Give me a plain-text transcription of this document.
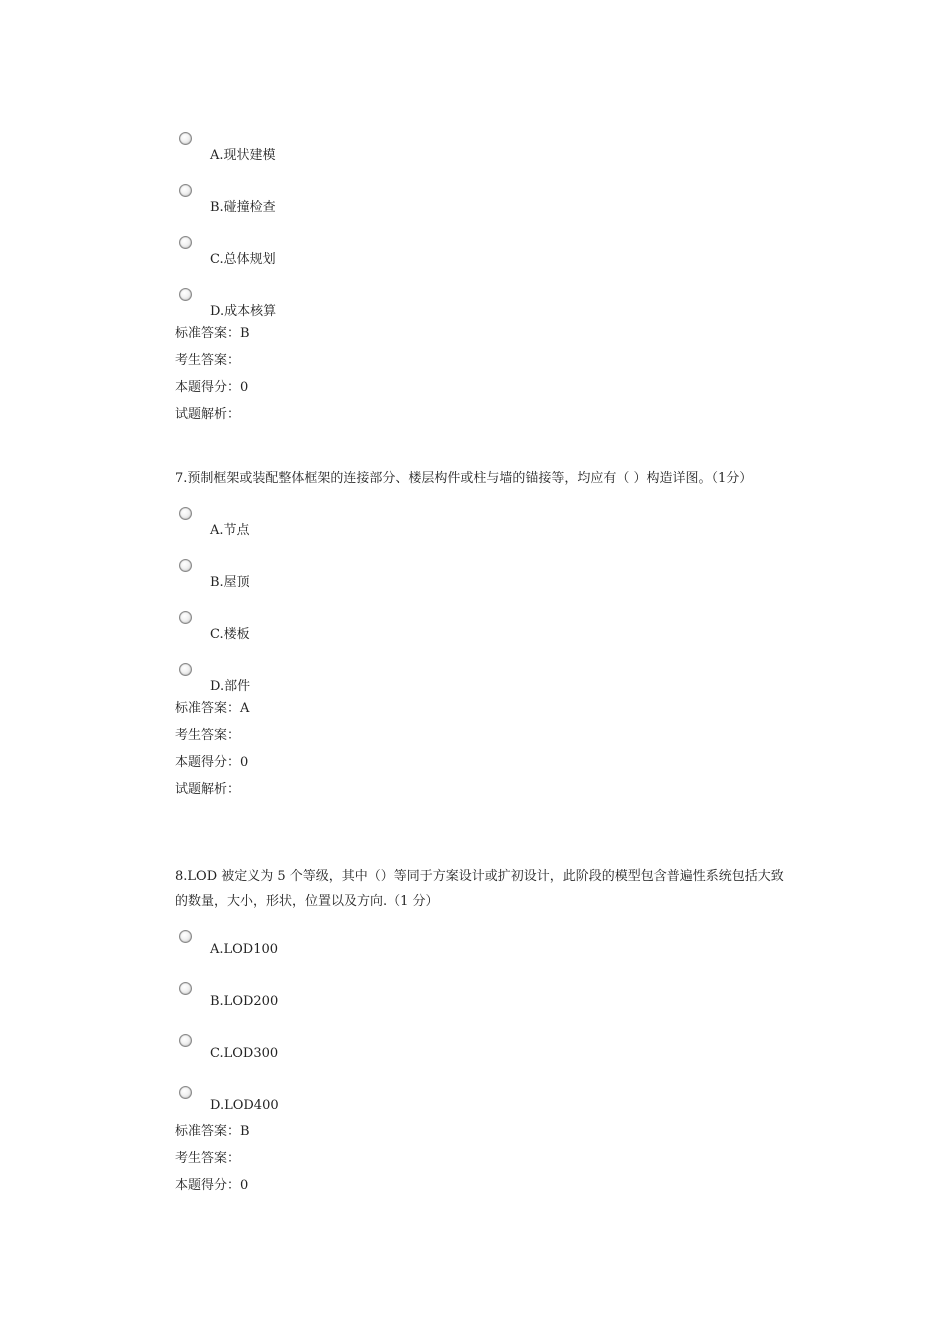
A.现状建模
B.碰撞检查
C.总体规划
D.成本核算
标准答案：B
考生答案：
本题得分：0
试题解析：

7.预制框架或装配整体框架的连接部分、楼层构件或柱与墙的锚接等，均应有（ ）构造详图。（1分）

A.节点
B.屋顶
C.楼板
D.部件
标准答案：A
考生答案：
本题得分：0
试题解析：

8.LOD 被定义为 5 个等级，其中（）等同于方案设计或扩初设计，此阶段的模型包含普遍性系统包括大致的数量，大小，形状，位置以及方向.（1 分）

A.LOD100
B.LOD200
C.LOD300
D.LOD400
标准答案：B
考生答案：
本题得分：0
